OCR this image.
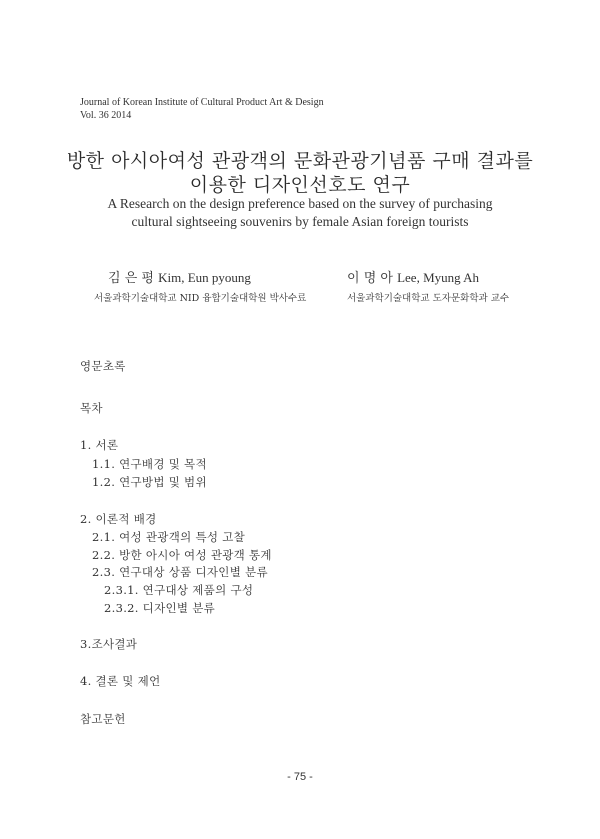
Journal of Korean Institute of Cultural Product Art & Design
Vol. 36 2014
방한 아시아여성 관광객의 문화관광기념품 구매 결과를
이용한 디자인선호도 연구
A Research on the design preference based on the survey of purchasing
cultural sightseeing souvenirs by female Asian foreign tourists
김 은 평 Kim, Eun pyoung	이 명 아 Lee, Myung Ah
서울과학기술대학교 NID 융합기술대학원 박사수료	서울과학기술대학교 도자문화학과 교수
영문초록
목차
1. 서론
1.1. 연구배경 및 목적
1.2. 연구방법 및 범위
2. 이론적 배경
2.1. 여성 관광객의 특성 고찰
2.2. 방한 아시아 여성 관광객 통계
2.3. 연구대상 상품 디자인별 분류
2.3.1. 연구대상 제품의 구성
2.3.2. 디자인별 분류
3.조사결과
4. 결론 및 제언
참고문헌
- 75 -
